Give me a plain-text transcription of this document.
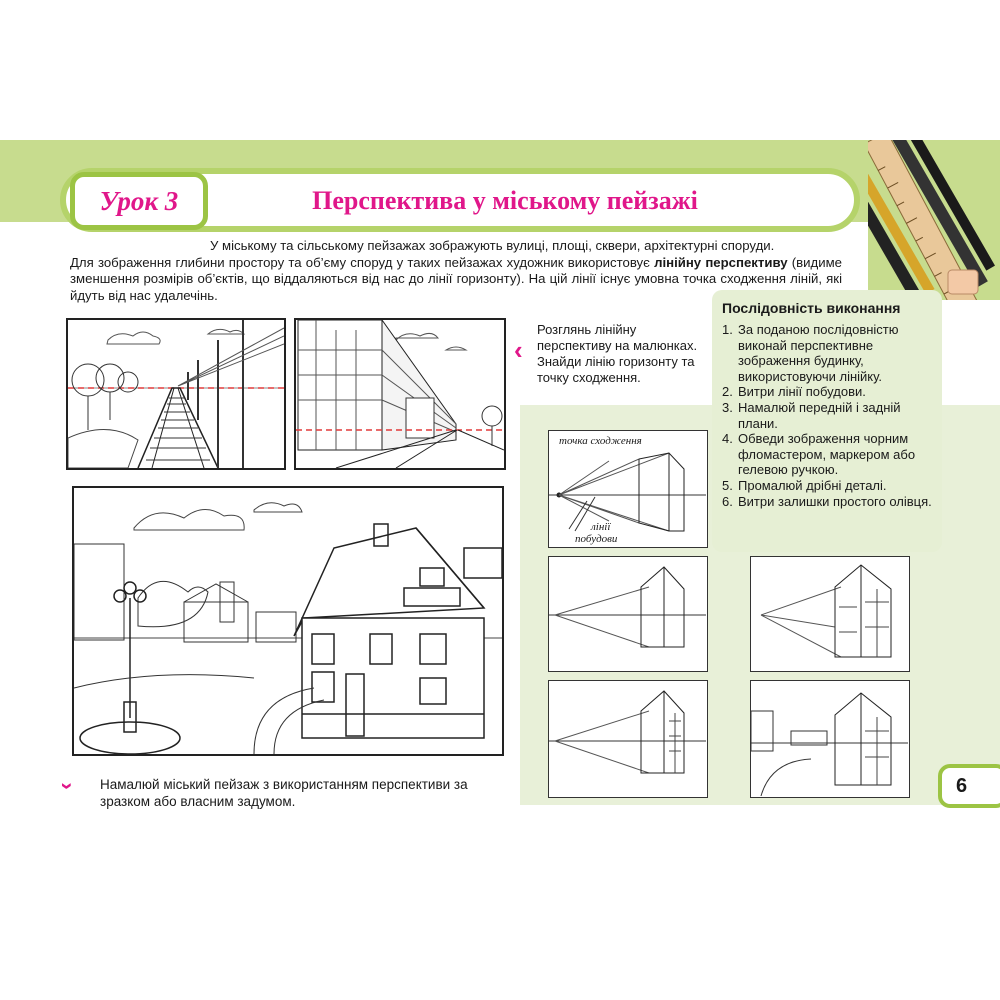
Урок 3	Перспектива у міському пейзажі

У міському та сільському пейзажах зображують вулиці, площі, сквери, архітектурні споруди.

Для зображення глибини простору та об’єму споруд у таких пейзажах художник використовує лінійну перспективу (видиме зменшення розмірів об’єктів, що віддаляються від нас до лінії горизонту). На цій лінії існує умовна точка сходження ліній, які йдуть від нас удалечінь.

‹
Розглянь лінійну перспективу на малюнках. Знайди лінію горизонту та точку сходження.
› Намалюй міський пейзаж з використанням перспективи за зразком або власним задумом.
Послідовність виконання
1. За поданою послідовністю виконай перспективне зображення будинку, використовуючи лінійку.
2. Витри лінії побудови.
3. Намалюй передній і задній плани.
4. Обведи зображення чорним фломастером, маркером або гелевою ручкою.
5. Промалюй дрібні деталі.
6. Витри залишки простого олівця.
точка сходження
лінії
побудови
6
